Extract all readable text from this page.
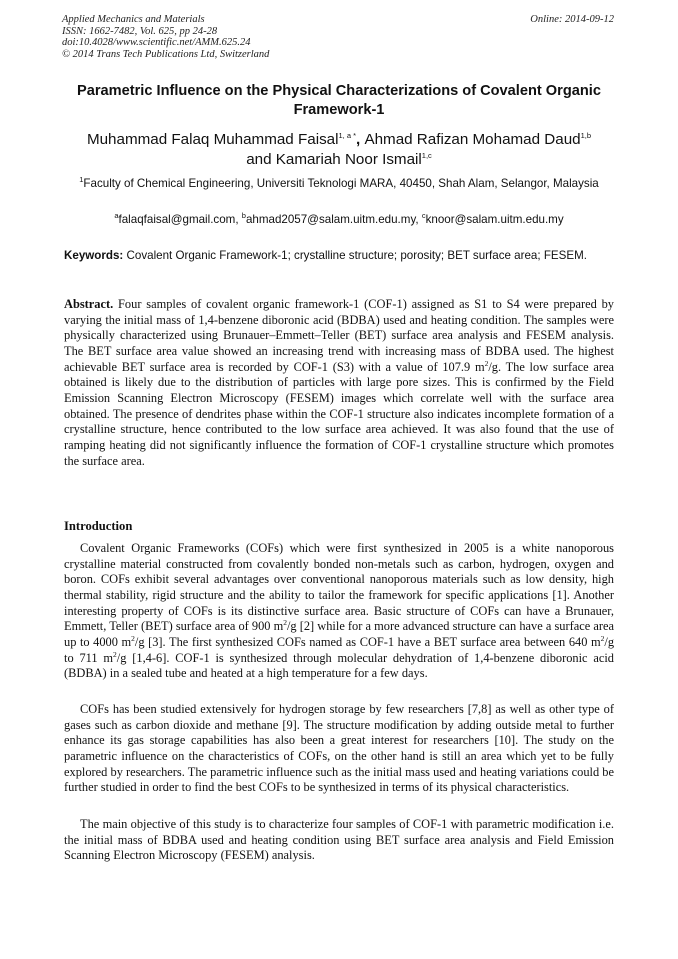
Applied Mechanics and Materials
ISSN: 1662-7482, Vol. 625, pp 24-28
doi:10.4028/www.scientific.net/AMM.625.24
© 2014 Trans Tech Publications Ltd, Switzerland
Online: 2014-09-12
Parametric Influence on the Physical Characterizations of Covalent Organic Framework-1
Muhammad Falaq Muhammad Faisal$^{1, a *}$, Ahmad Rafizan Mohamad Daud$^{1,b}$
and Kamariah Noor Ismail$^{1,c}$
$^1$Faculty of Chemical Engineering, Universiti Teknologi MARA, 40450, Shah Alam, Selangor, Malaysia
$^a$falaqfaisal@gmail.com, $^b$ahmad2057@salam.uitm.edu.my, $^c$knoor@salam.uitm.edu.my
Keywords: Covalent Organic Framework-1; crystalline structure; porosity; BET surface area; FESEM.
Abstract. Four samples of covalent organic framework-1 (COF-1) assigned as S1 to S4 were prepared by varying the initial mass of 1,4-benzene diboronic acid (BDBA) used and heating condition. The samples were physically characterized using Brunauer–Emmett–Teller (BET) surface area analysis and FESEM analysis. The BET surface area value showed an increasing trend with increasing mass of BDBA used. The highest achievable BET surface area is recorded by COF-1 (S3) with a value of 107.9 $m^2/g$. The low surface area obtained is likely due to the distribution of particles with large pore sizes. This is confirmed by the Field Emission Scanning Electron Microscopy (FESEM) images which correlate well with the surface area obtained. The presence of dendrites phase within the COF-1 structure also indicates incomplete formation of a crystalline structure, hence contributed to the low surface area achieved. It was also found that the use of ramping heating did not significantly influence the formation of COF-1 crystalline structure which promotes the surface area.
Introduction
Covalent Organic Frameworks (COFs) which were first synthesized in 2005 is a white nanoporous crystalline material constructed from covalently bonded non-metals such as carbon, hydrogen, oxygen and boron. COFs exhibit several advantages over conventional nanoporous materials such as low density, high thermal stability, rigid structure and the ability to tailor the framework for specific applications [1]. Another interesting property of COFs is its distinctive surface area. Basic structure of COFs can have a Brunauer, Emmett, Teller (BET) surface area of 900 $m^2/g$ [2] while for a more advanced structure can have a surface area up to 4000 $m^2/g$ [3]. The first synthesized COFs named as COF-1 have a BET surface area between 640 $m^2/g$ to 711 $m^2/g$ [1,4-6]. COF-1 is synthesized through molecular dehydration of 1,4-benzene diboronic acid (BDBA) in a sealed tube and heated at a high temperature for a few days.
COFs has been studied extensively for hydrogen storage by few researchers [7,8] as well as other type of gases such as carbon dioxide and methane [9]. The structure modification by adding outside metal to further enhance its gas storage capabilities has also been a great interest for researchers [10]. The study on the parametric influence on the characteristics of COFs, on the other hand is still an area which yet to be fully explored by researchers. The parametric influence such as the initial mass used and heating variations could be further studied in order to find the best COFs to be synthesized in terms of its physical characteristics.
The main objective of this study is to characterize four samples of COF-1 with parametric modification i.e. the initial mass of BDBA used and heating condition using BET surface area analysis and Field Emission Scanning Electron Microscopy (FESEM) analysis.
